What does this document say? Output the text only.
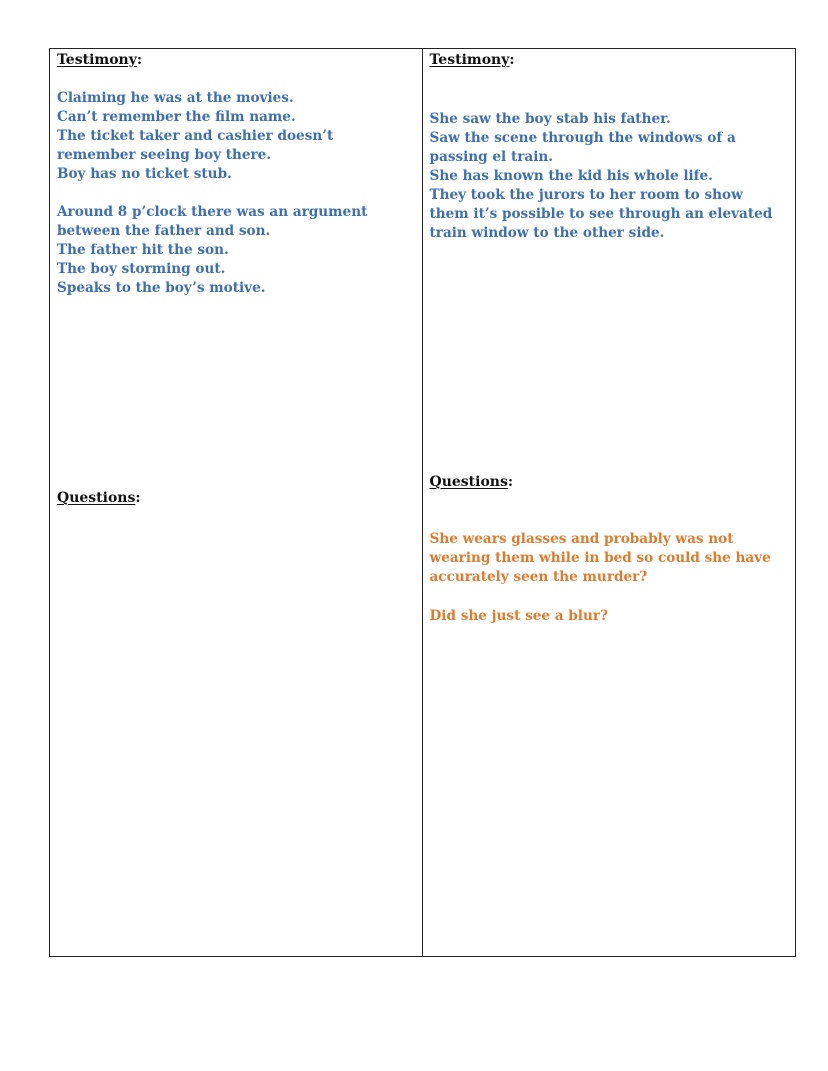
Testimony:
Claiming he was at the movies.
Can’t remember the film name.
The ticket taker and cashier doesn’t
remember seeing boy there.
Boy has no ticket stub.
Around 8 p’clock there was an argument
between the father and son.
The father hit the son.
The boy storming out.
Speaks to the boy’s motive.
Questions:
Testimony:
She saw the boy stab his father.
Saw the scene through the windows of a
passing el train.
She has known the kid his whole life.
They took the jurors to her room to show
them it’s possible to see through an elevated
train window to the other side.
Questions:
She wears glasses and probably was not
wearing them while in bed so could she have
accurately seen the murder?
Did she just see a blur?
